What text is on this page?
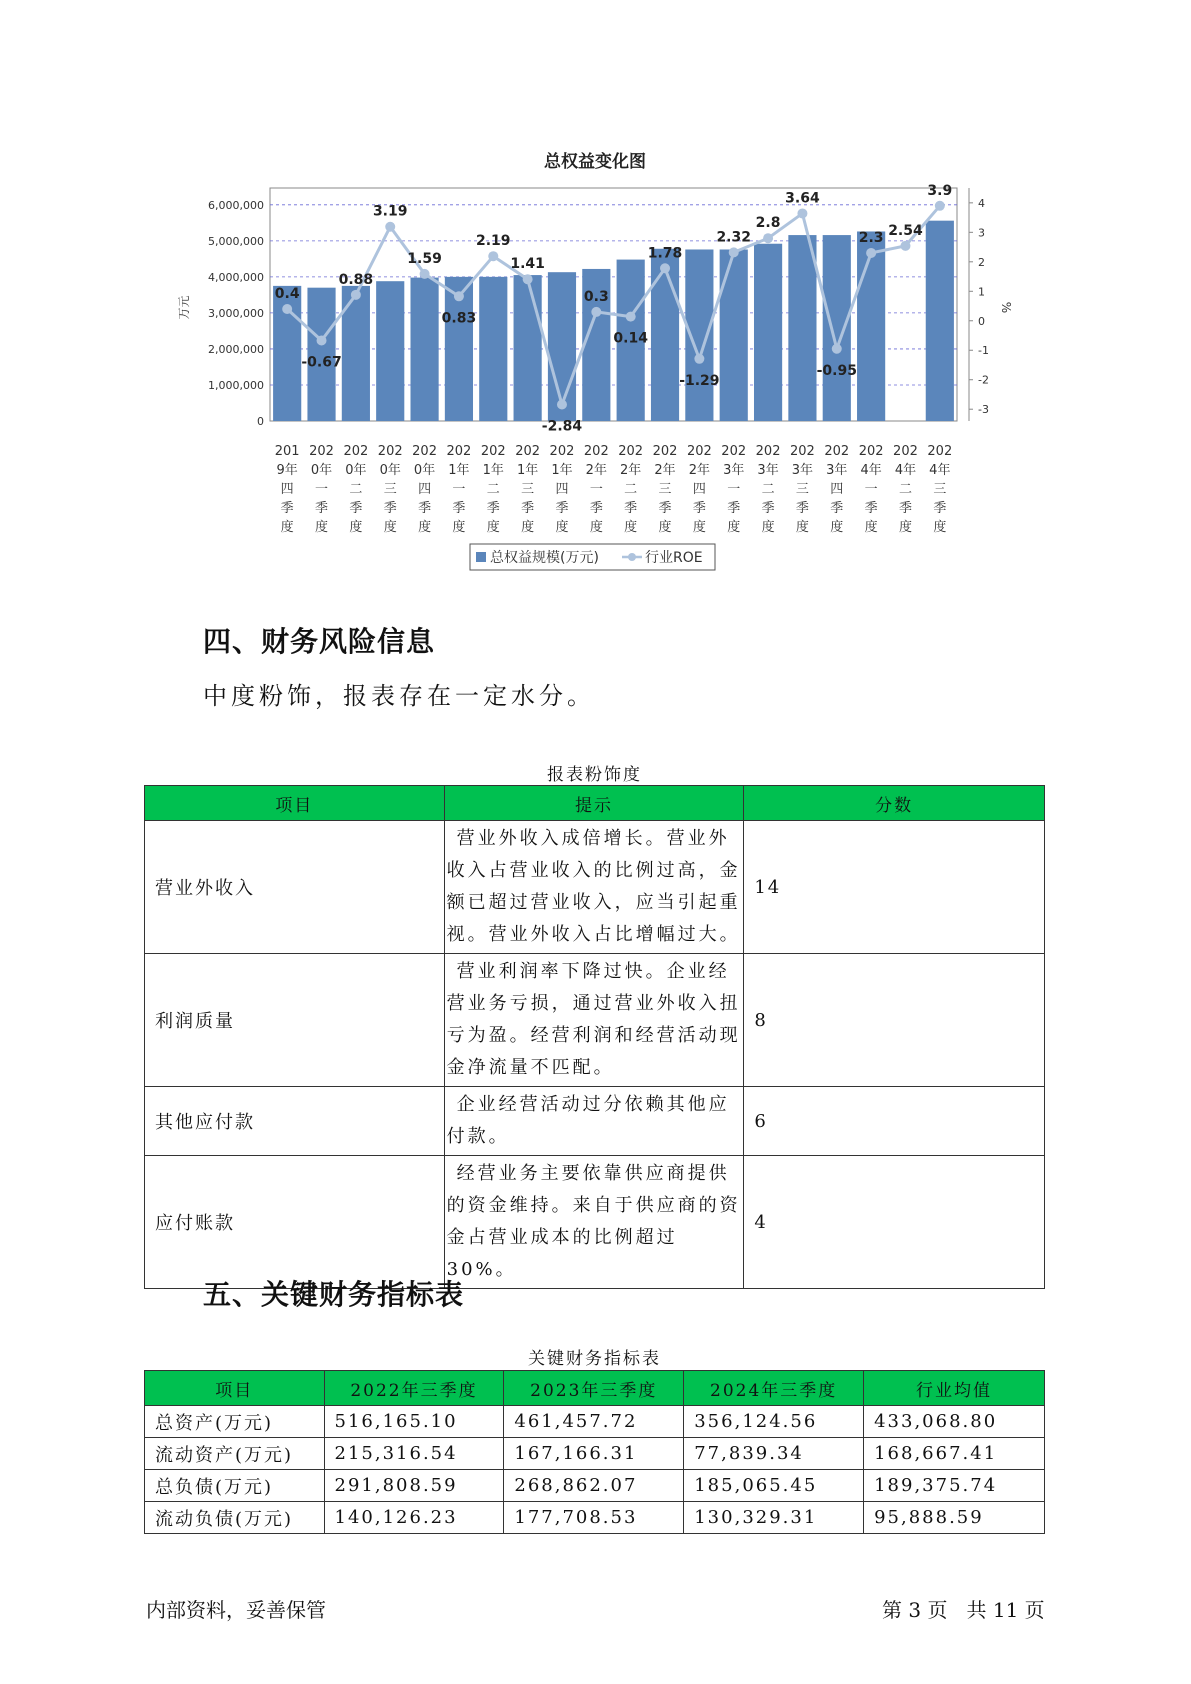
总权益变化图
0.4
-0.67
0.88
3.19
1.59
0.83
2.19
1.41
-2.84
0.3
0.14
1.78
-1.29
2.32
2.8
3.64
-0.95
2.3 2.54
3.9
0
1,000,000
2,000,000
3,000,000
4,000,000
5,000,000
6,000,000	4
3
2
1
0
-1
-2
-3
万元	%
201
9年
四
季
度
202
0年
一
季
度
202
0年
二
季
度
202
0年
三
季
度
202
0年
四
季
度
202
1年
一
季
度
202
1年
二
季
度
202
1年
三
季
度
202
1年
四
季
度
202
2年
一
季
度
202
2年
二
季
度
202
2年
三
季
度
202
2年
四
季
度
202
3年
一
季
度
202
3年
二
季
度
202
3年
三
季
度
202
3年
四
季
度
202
4年
一
季
度
202
4年
二
季
度
202
4年
三
季
度
总权益规模(万元)	行业ROE
四、财务风险信息
中度粉饰，报表存在一定水分。
报表粉饰度
项目	提示	分数
营业外收入	营业外收入成倍增长。营业外收入占营业收入的比例过高，金额已超过营业收入，应当引起重视。营业外收入占比增幅过大。	14
利润质量	营业利润率下降过快。企业经营业务亏损，通过营业外收入扭亏为盈。经营利润和经营活动现金净流量不匹配。	8
其他应付款	企业经营活动过分依赖其他应付款。	6
应付账款	经营业务主要依靠供应商提供的资金维持。来自于供应商的资金占营业成本的比例超过30%。	4
五、关键财务指标表
关键财务指标表
项目	2022年三季度	2023年三季度	2024年三季度	行业均值
总资产(万元)	516,165.10	461,457.72	356,124.56	433,068.80
流动资产(万元)	215,316.54	167,166.31	77,839.34	168,667.41
总负债(万元)	291,808.59	268,862.07	185,065.45	189,375.74
流动负债(万元)	140,126.23	177,708.53	130,329.31	95,888.59
内部资料，妥善保管	第 3 页   共 11 页
